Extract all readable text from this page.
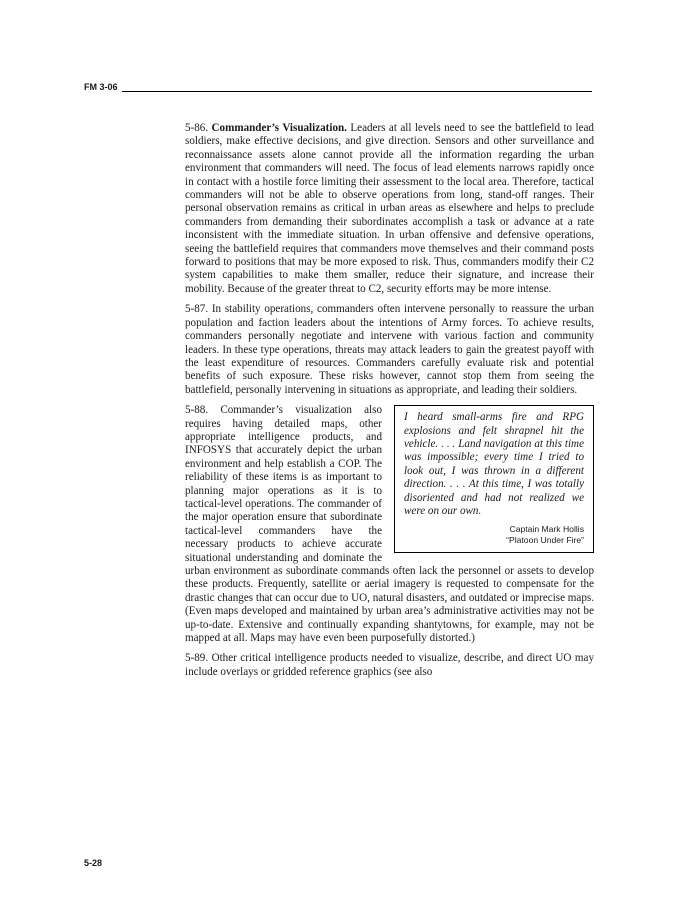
FM 3-06

5-86. Commander’s Visualization. Leaders at all levels need to see the battlefield to lead soldiers, make effective decisions, and give direction. Sensors and other surveillance and reconnaissance assets alone cannot provide all the information regarding the urban environment that commanders will need. The focus of lead elements narrows rapidly once in contact with a hostile force limiting their assessment to the local area. Therefore, tactical commanders will not be able to observe operations from long, stand-off ranges. Their personal observation remains as critical in urban areas as elsewhere and helps to preclude commanders from demanding their subordinates accomplish a task or advance at a rate inconsistent with the immediate situation. In urban offensive and defensive operations, seeing the battlefield requires that commanders move themselves and their command posts forward to positions that may be more exposed to risk. Thus, commanders modify their C2 system capabilities to make them smaller, reduce their signature, and increase their mobility. Because of the greater threat to C2, security efforts may be more intense.

5-87. In stability operations, commanders often intervene personally to reassure the urban population and faction leaders about the intentions of Army forces. To achieve results, commanders personally negotiate and intervene with various faction and community leaders. In these type operations, threats may attack leaders to gain the greatest payoff with the least expenditure of resources. Commanders carefully evaluate risk and potential benefits of such exposure. These risks however, cannot stop them from seeing the battlefield, personally intervening in situations as appropriate, and leading their soldiers.

I heard small-arms fire and RPG explosions and felt shrapnel hit the vehicle. . . . Land navigation at this time was impossible; every time I tried to look out, I was thrown in a different direction. . . . At this time, I was totally disoriented and had not realized we were on our own.

Captain Mark Hollis
“Platoon Under Fire”

5-88. Commander’s visualization also requires having detailed maps, other appropriate intelligence products, and INFOSYS that accurately depict the urban environment and help establish a COP. The reliability of these items is as important to planning major operations as it is to tactical-level operations. The commander of the major operation ensure that subordinate tactical-level commanders have the necessary products to achieve accurate situational understanding and dominate the urban environment as subordinate commands often lack the personnel or assets to develop these products. Frequently, satellite or aerial imagery is requested to compensate for the drastic changes that can occur due to UO, natural disasters, and outdated or imprecise maps. (Even maps developed and maintained by urban area’s administrative activities may not be up-to-date. Extensive and continually expanding shantytowns, for example, may not be mapped at all. Maps may have even been purposefully distorted.)

5-89. Other critical intelligence products needed to visualize, describe, and direct UO may include overlays or gridded reference graphics (see also

5-28
